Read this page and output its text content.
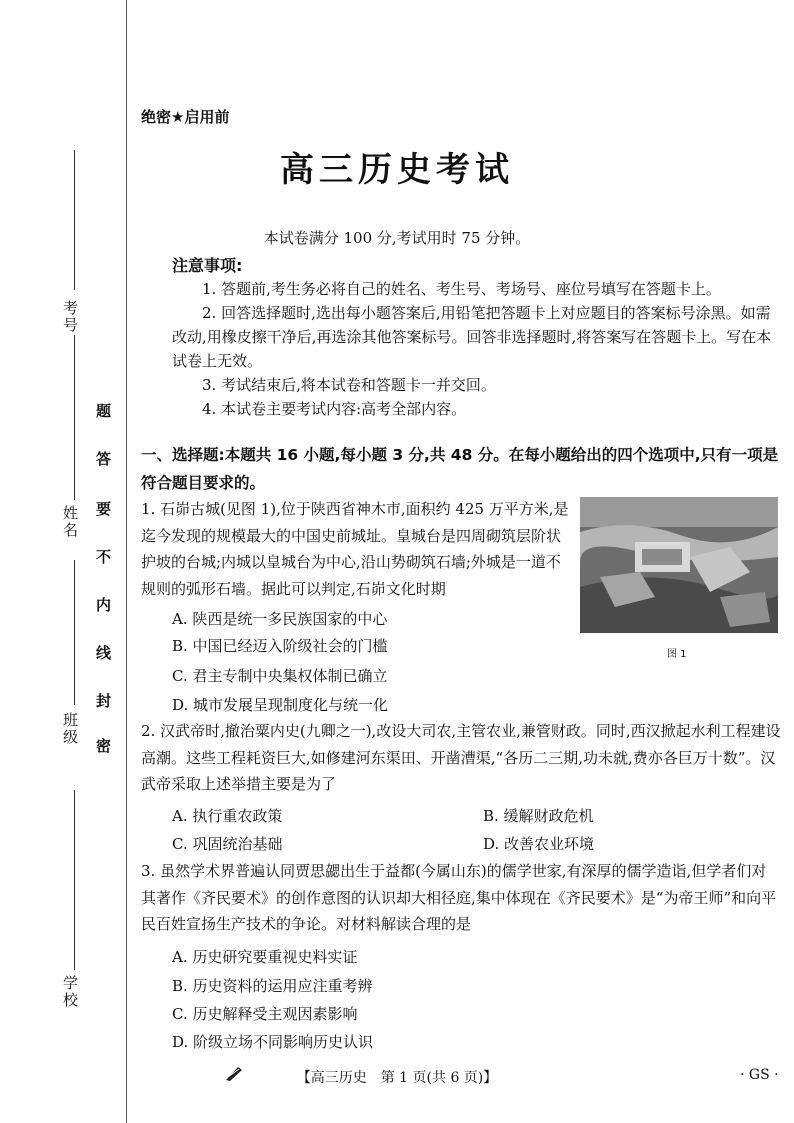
考号
姓名
班级
学校
密
封
线
内
不
要
答
题
绝密★启用前
高三历史考试
本试卷满分 100 分,考试用时 75 分钟。
注意事项:
1. 答题前,考生务必将自己的姓名、考生号、考场号、座位号填写在答题卡上。
2. 回答选择题时,选出每小题答案后,用铅笔把答题卡上对应题目的答案标号涂黑。如需改动,用橡皮擦干净后,再选涂其他答案标号。回答非选择题时,将答案写在答题卡上。写在本试卷上无效。
3. 考试结束后,将本试卷和答题卡一并交回。
4. 本试卷主要考试内容:高考全部内容。
一、选择题:本题共 16 小题,每小题 3 分,共 48 分。在每小题给出的四个选项中,只有一项是符合题目要求的。
1. 石峁古城(见图 1),位于陕西省神木市,面积约 425 万平方米,是迄今发现的规模最大的中国史前城址。皇城台是四周砌筑层阶状护坡的台城;内城以皇城台为中心,沿山势砌筑石墙;外城是一道不规则的弧形石墙。据此可以判定,石峁文化时期
A. 陕西是统一多民族国家的中心
B. 中国已经迈入阶级社会的门槛
C. 君主专制中央集权体制已确立
D. 城市发展呈现制度化与统一化
图 1
2. 汉武帝时,撤治粟内史(九卿之一),改设大司农,主管农业,兼管财政。同时,西汉掀起水利工程建设高潮。这些工程耗资巨大,如修建河东渠田、开凿漕渠,“各历二三期,功未就,费亦各巨万十数”。汉武帝采取上述举措主要是为了
A. 执行重农政策	B. 缓解财政危机
C. 巩固统治基础	D. 改善农业环境
3. 虽然学术界普遍认同贾思勰出生于益都(今属山东)的儒学世家,有深厚的儒学造诣,但学者们对其著作《齐民要术》的创作意图的认识却大相径庭,集中体现在《齐民要术》是“为帝王师”和向平民百姓宣扬生产技术的争论。对材料解读合理的是
A. 历史研究要重视史料实证
B. 历史资料的运用应注重考辨
C. 历史解释受主观因素影响
D. 阶级立场不同影响历史认识
【高三历史　第 1 页(共 6 页)】	· GS ·
